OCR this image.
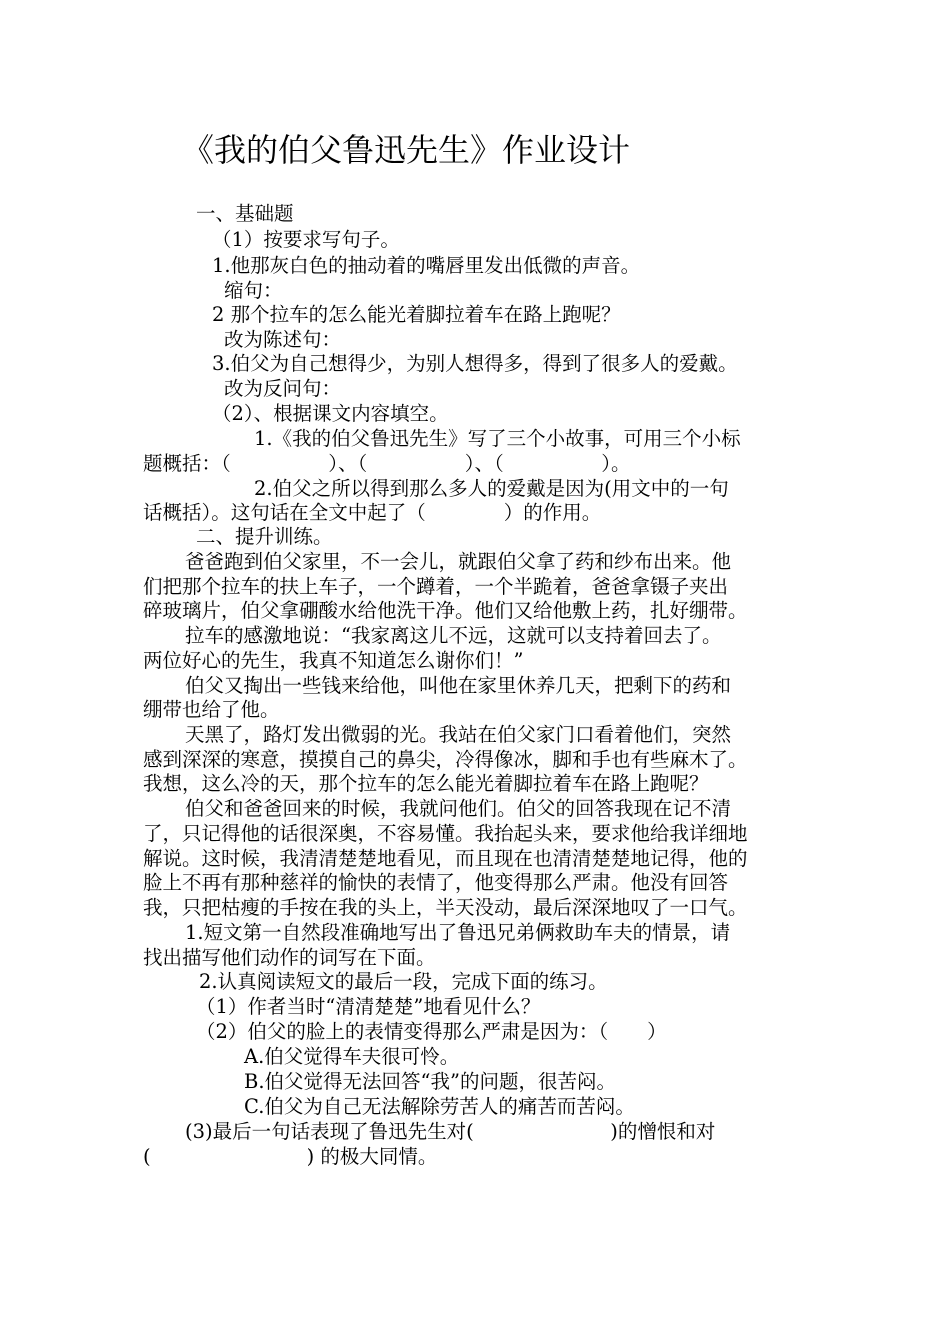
《我的伯父鲁迅先生》作业设计
一、基础题
（1）按要求写句子。
1.他那灰白色的抽动着的嘴唇里发出低微的声音。
缩句：
2 那个拉车的怎么能光着脚拉着车在路上跑呢？
改为陈述句：
3.伯父为自己想得少，为别人想得多，得到了很多人的爱戴。
改为反问句：
（2）、根据课文内容填空。
1.《我的伯父鲁迅先生》写了三个小故事，可用三个小标
题概括：（　　　　　）、（　　　　　）、（　　　　　）。
2.伯父之所以得到那么多人的爱戴是因为(用文中的一句
话概括）。这句话在全文中起了（　　　　）的作用。
二、提升训练。
爸爸跑到伯父家里，不一会儿，就跟伯父拿了药和纱布出来。他
们把那个拉车的扶上车子，一个蹲着，一个半跪着，爸爸拿镊子夹出
碎玻璃片，伯父拿硼酸水给他洗干净。他们又给他敷上药，扎好绷带。
拉车的感激地说：“我家离这儿不远，这就可以支持着回去了。
两位好心的先生，我真不知道怎么谢你们！”
伯父又掏出一些钱来给他，叫他在家里休养几天，把剩下的药和
绷带也给了他。
天黑了，路灯发出微弱的光。我站在伯父家门口看着他们，突然
感到深深的寒意，摸摸自己的鼻尖，冷得像冰，脚和手也有些麻木了。
我想，这么冷的天，那个拉车的怎么能光着脚拉着车在路上跑呢？
伯父和爸爸回来的时候，我就问他们。伯父的回答我现在记不清
了，只记得他的话很深奥，不容易懂。我抬起头来，要求他给我详细地
解说。这时候，我清清楚楚地看见，而且现在也清清楚楚地记得，他的
脸上不再有那种慈祥的愉快的表情了，他变得那么严肃。他没有回答
我，只把枯瘦的手按在我的头上，半天没动，最后深深地叹了一口气。
1.短文第一自然段准确地写出了鲁迅兄弟俩救助车夫的情景，请
找出描写他们动作的词写在下面。
2.认真阅读短文的最后一段，完成下面的练习。
（1）作者当时“清清楚楚”地看见什么？
（2）伯父的脸上的表情变得那么严肃是因为：（　　）
A.伯父觉得车夫很可怜。
B.伯父觉得无法回答“我”的问题，很苦闷。
C.伯父为自己无法解除劳苦人的痛苦而苦闷。
(3)最后一句话表现了鲁迅先生对(　　　　　　　)的憎恨和对
(　　　　　　　　) 的极大同情。
